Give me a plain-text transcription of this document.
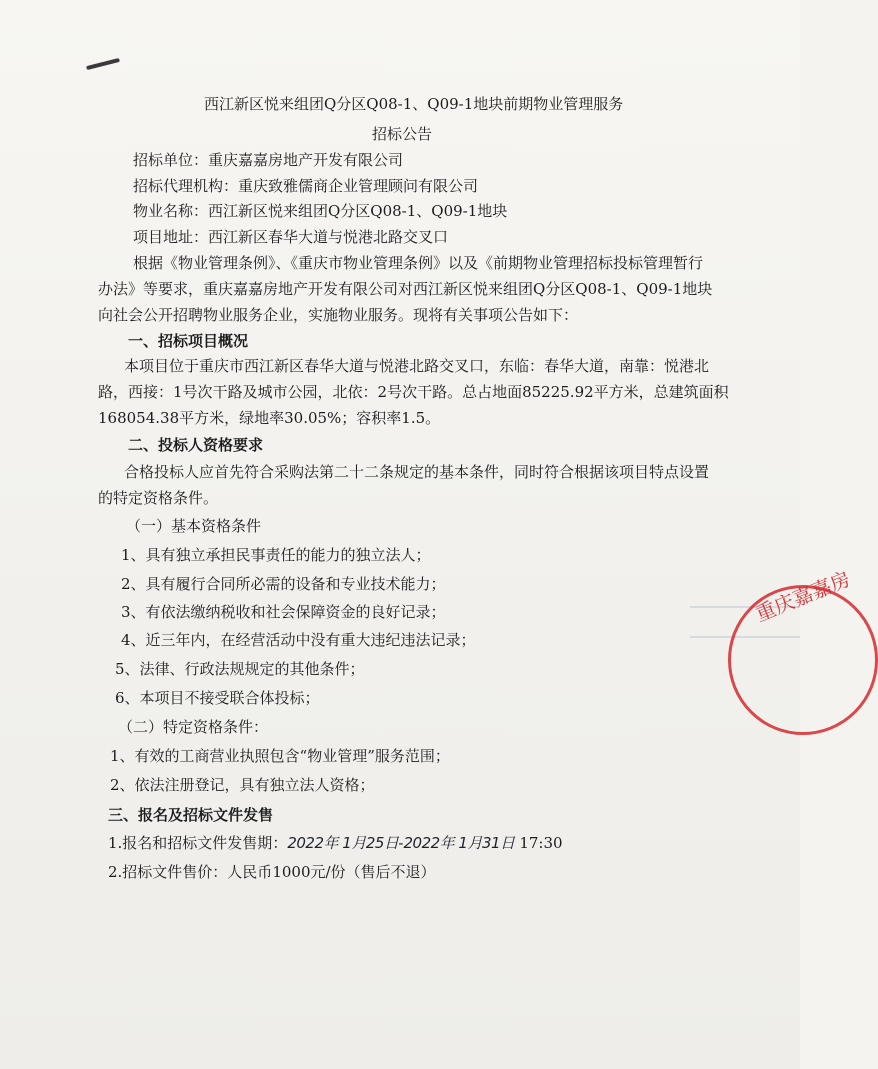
西江新区悦来组团Q分区Q08-1、Q09-1地块前期物业管理服务
招标公告
招标单位：重庆嘉嘉房地产开发有限公司
招标代理机构：重庆致雅儒商企业管理顾问有限公司
物业名称：西江新区悦来组团Q分区Q08-1、Q09-1地块
项目地址：西江新区春华大道与悦港北路交叉口
根据《物业管理条例》、《重庆市物业管理条例》以及《前期物业管理招标投标管理暂行
办法》等要求，重庆嘉嘉房地产开发有限公司对西江新区悦来组团Q分区Q08-1、Q09-1地块
向社会公开招聘物业服务企业，实施物业服务。现将有关事项公告如下：
一、招标项目概况
本项目位于重庆市西江新区春华大道与悦港北路交叉口，东临：春华大道，南靠：悦港北
路，西接：1号次干路及城市公园，北依：2号次干路。总占地面85225.92平方米，总建筑面积
168054.38平方米，绿地率30.05%；容积率1.5。
二、投标人资格要求
合格投标人应首先符合采购法第二十二条规定的基本条件，同时符合根据该项目特点设置
的特定资格条件。
（一）基本资格条件
1、具有独立承担民事责任的能力的独立法人；
2、具有履行合同所必需的设备和专业技术能力；
3、有依法缴纳税收和社会保障资金的良好记录；
4、近三年内，在经营活动中没有重大违纪违法记录；
5、法律、行政法规规定的其他条件；
6、本项目不接受联合体投标；
（二）特定资格条件：
1、有效的工商营业执照包含“物业管理”服务范围；
2、依法注册登记，具有独立法人资格；
三、报名及招标文件发售
1.报名和招标文件发售期：2022年 1月25日-2022年 1月31日 17:30
2.招标文件售价：人民币1000元/份（售后不退）
重庆嘉嘉房
